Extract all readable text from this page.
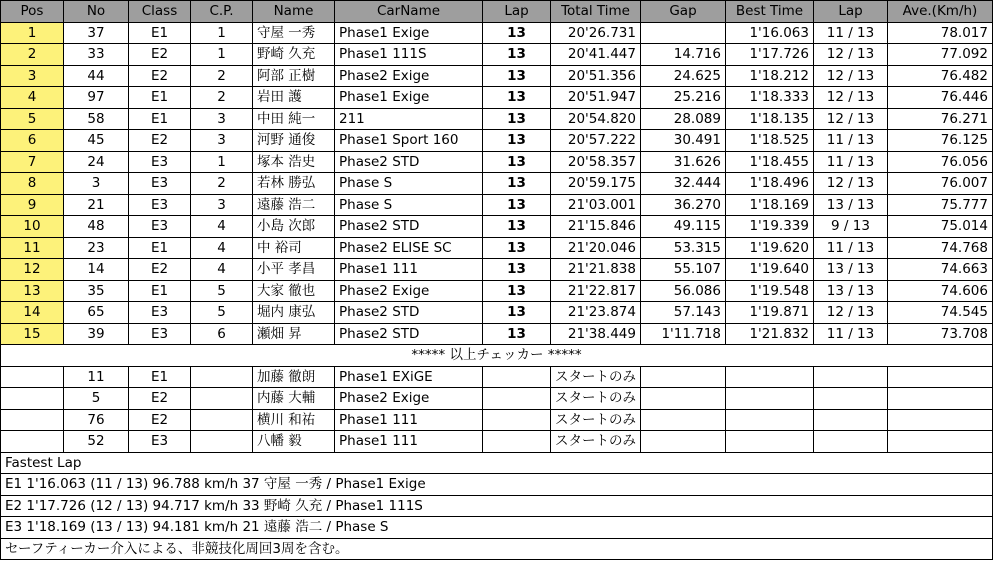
Pos	No	Class	C.P.	Name	CarName	Lap	Total Time	Gap	Best Time	Lap	Ave.(Km/h)
1	37	E1	1	守屋 一秀	Phase1 Exige	13	20'26.731		1'16.063	11 / 13	78.017
2	33	E2	1	野崎 久充	Phase1 111S	13	20'41.447	14.716	1'17.726	12 / 13	77.092
3	44	E2	2	阿部 正樹	Phase2 Exige	13	20'51.356	24.625	1'18.212	12 / 13	76.482
4	97	E1	2	岩田 護	Phase1 Exige	13	20'51.947	25.216	1'18.333	12 / 13	76.446
5	58	E1	3	中田 純一	211	13	20'54.820	28.089	1'18.135	12 / 13	76.271
6	45	E2	3	河野 通俊	Phase1 Sport 160	13	20'57.222	30.491	1'18.525	11 / 13	76.125
7	24	E3	1	塚本 浩史	Phase2 STD	13	20'58.357	31.626	1'18.455	11 / 13	76.056
8	3	E3	2	若林 勝弘	Phase S	13	20'59.175	32.444	1'18.496	12 / 13	76.007
9	21	E3	3	遠藤 浩二	Phase S	13	21'03.001	36.270	1'18.169	13 / 13	75.777
10	48	E3	4	小島 次郎	Phase2 STD	13	21'15.846	49.115	1'19.339	9 / 13	75.014
11	23	E1	4	中 裕司	Phase2 ELISE SC	13	21'20.046	53.315	1'19.620	11 / 13	74.768
12	14	E2	4	小平 孝昌	Phase1 111	13	21'21.838	55.107	1'19.640	13 / 13	74.663
13	35	E1	5	大家 徹也	Phase2 Exige	13	21'22.817	56.086	1'19.548	13 / 13	74.606
14	65	E3	5	堀内 康弘	Phase2 STD	13	21'23.874	57.143	1'19.871	12 / 13	74.545
15	39	E3	6	瀬畑 昇	Phase2 STD	13	21'38.449	1'11.718	1'21.832	11 / 13	73.708
***** 以上チェッカー *****											
	11	E1		加藤 徹朗	Phase1 EXiGE		スタートのみ				
	5	E2		内藤 大輔	Phase2 Exige		スタートのみ				
	76	E2		横川 和祐	Phase1 111		スタートのみ				
	52	E3		八幡 毅	Phase1 111		スタートのみ				
Fastest Lap											
E1 1'16.063 (11 / 13) 96.788 km/h 37 守屋 一秀 / Phase1 Exige											
E2 1'17.726 (12 / 13) 94.717 km/h 33 野崎 久充 / Phase1 111S											
E3 1'18.169 (13 / 13) 94.181 km/h 21 遠藤 浩二 / Phase S											
セーフティーカー介入による、非競技化周回3周を含む。											
